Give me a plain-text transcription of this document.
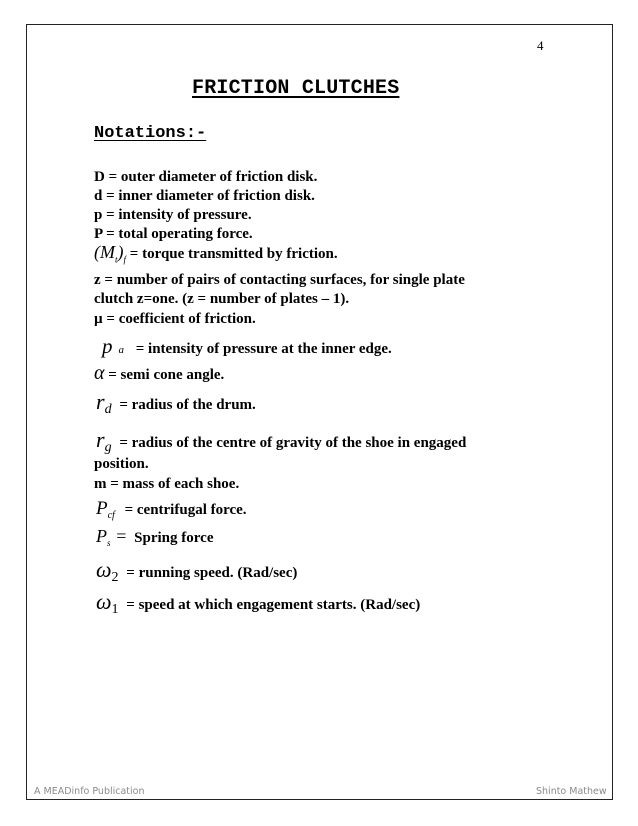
4
FRICTION CLUTCHES
Notations:-
D = outer diameter of friction disk.
d = inner diameter of friction disk.
p = intensity of pressure.
P = total operating force.
$(M_t)_f$ = torque transmitted by friction.
z = number of pairs of contacting surfaces, for single plate
clutch z=one. (z = number of plates – 1).
µ = coefficient of friction.
pa = intensity of pressure at the inner edge.
α = semi cone angle.
rd = radius of the drum.
rg = radius of the centre of gravity of the shoe in engaged
position.
m = mass of each shoe.
$P_{cf}$ = centrifugal force.
$P_s$ = Spring force
ω2 = running speed. (Rad/sec)
ω1 = speed at which engagement starts. (Rad/sec)
A MEADinfo Publication	Shinto Mathew
